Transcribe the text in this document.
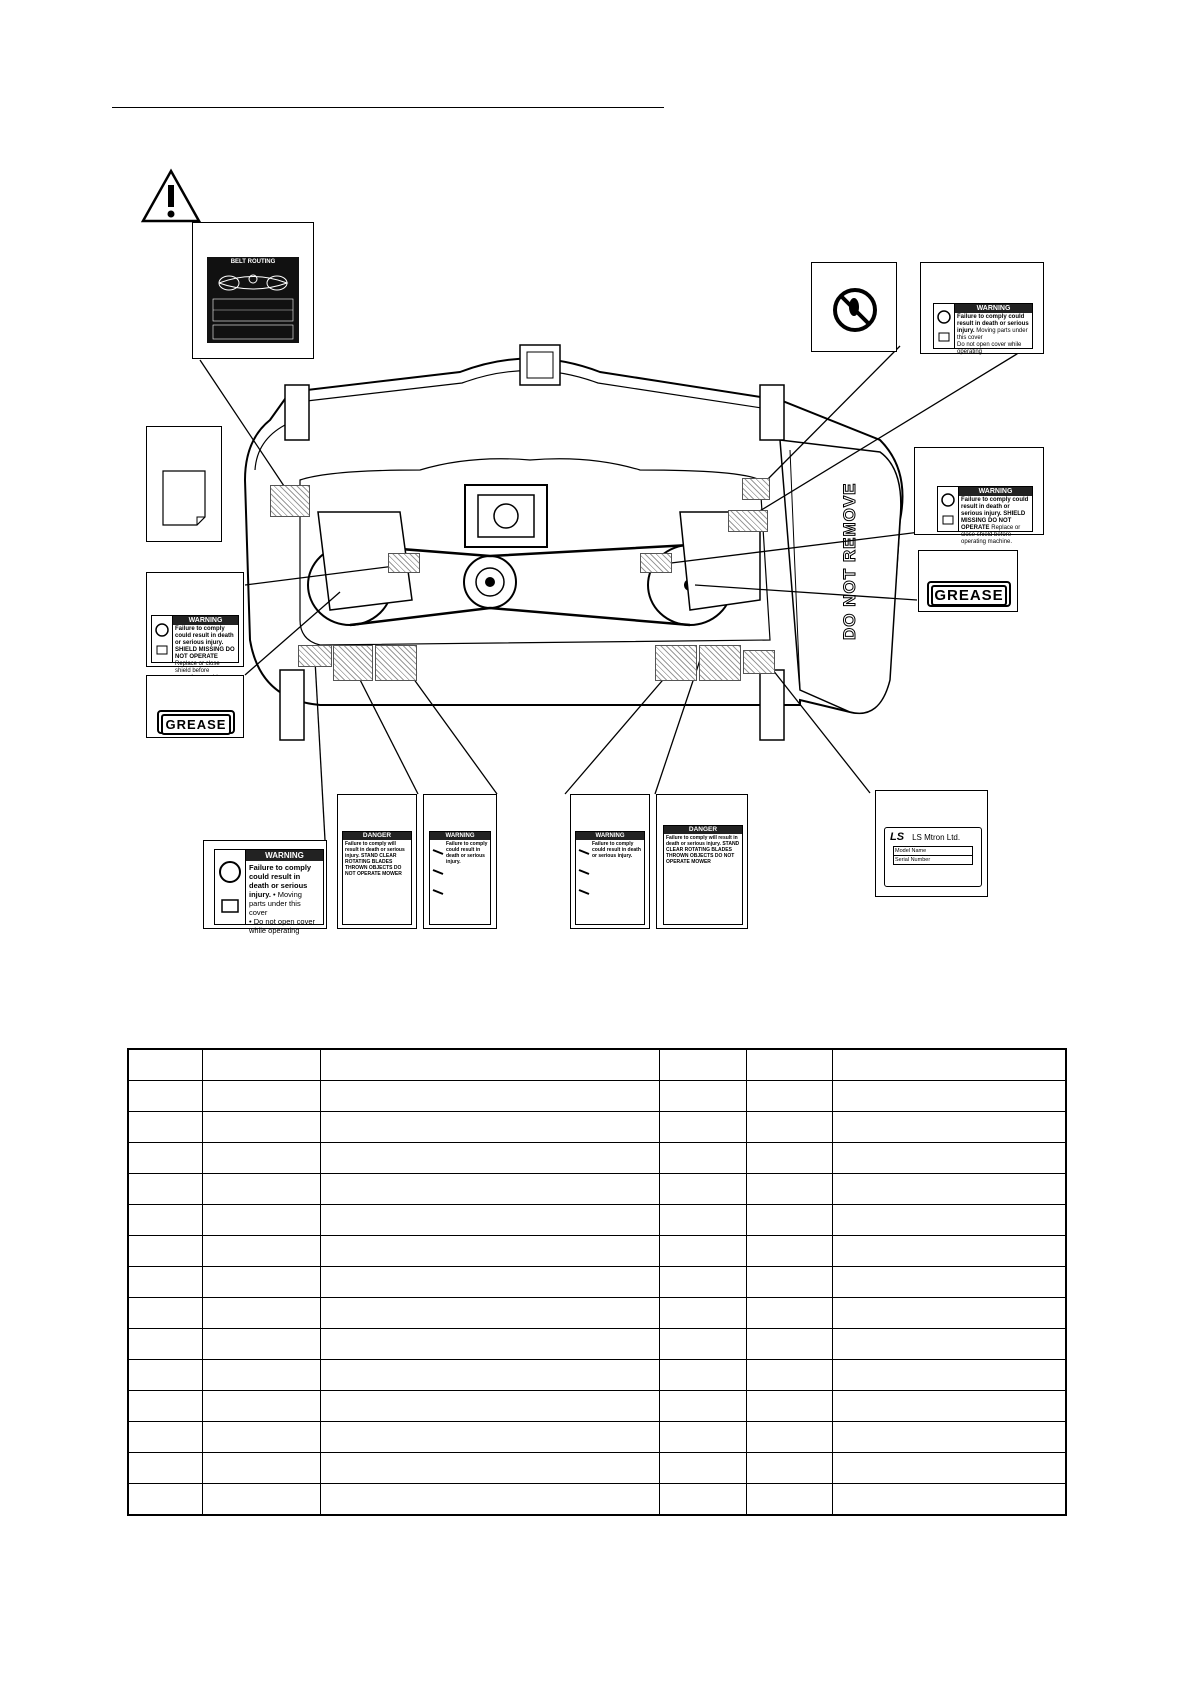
DO NOT REMOVE
BELT ROUTING
WARNING
Failure to comply could result in death or serious injury. SHIELD MISSING DO NOT OPERATE Replace or close shield before
GREASE
WARNING
Failure to comply could result in death or serious injury. Moving parts under this cover
Do not open cover while operating
WARNING
Failure to comply could result in death or serious injury. SHIELD MISSING DO NOT OPERATE Replace or close shield before operating machine.
GREASE
WARNING
Failure to comply could result in death or serious injury. • Moving parts under this cover
• Do not open cover while operating
DANGER
Failure to comply will result in death or serious injury. STAND CLEAR ROTATING BLADES THROWN OBJECTS DO NOT OPERATE MOWER
WARNING
Failure to comply could result in death or serious injury.
WARNING
Failure to comply could result in death or serious injury.
DANGER
Failure to comply will result in death or serious injury. STAND CLEAR ROTATING BLADES THROWN OBJECTS DO NOT OPERATE MOWER
LS LS Mtron Ltd.
Model Name
Serial Number
